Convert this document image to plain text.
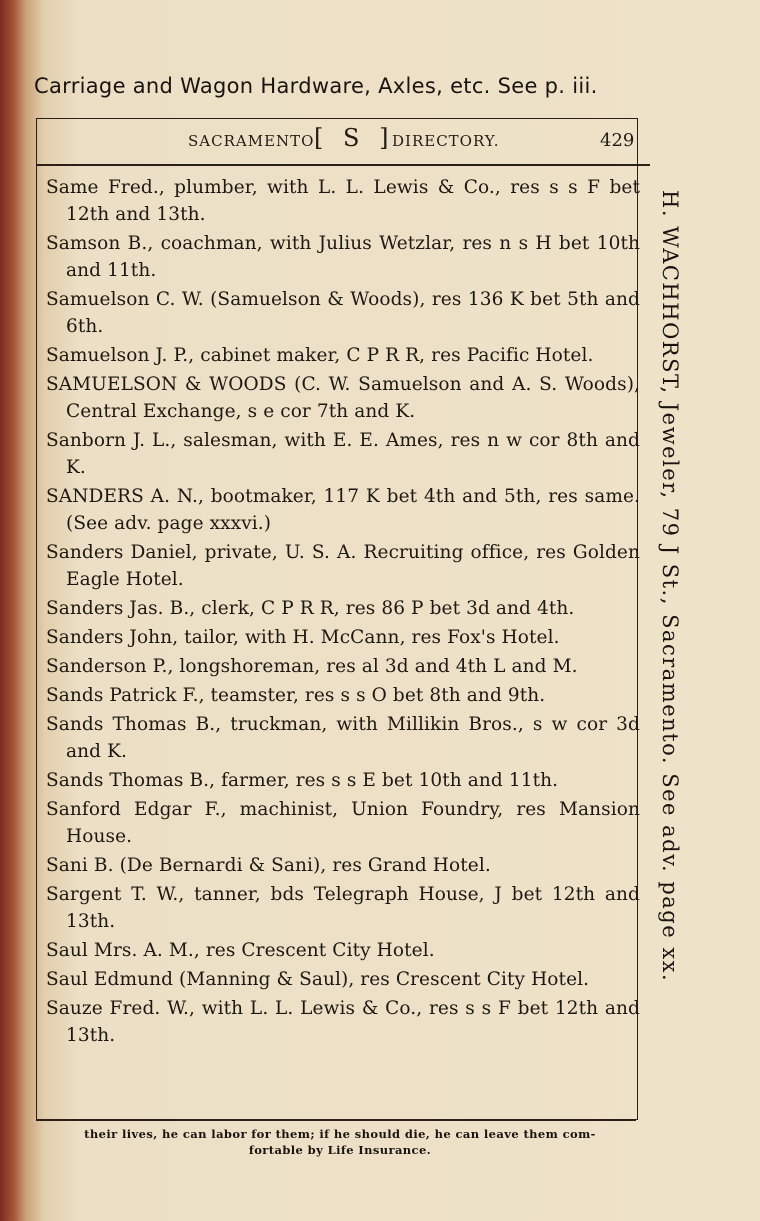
Carriage and Wagon Hardware, Axles, etc. See p. iii.
SACRAMENTO [ S ]
DIRECTORY.	429
Same Fred., plumber, with L. L. Lewis & Co., res s s F bet 12th and 13th.
Samson B., coachman, with Julius Wetzlar, res n s H bet 10th and 11th.
Samuelson C. W. (Samuelson & Woods), res 136 K bet 5th and 6th.
Samuelson J. P., cabinet maker, C P R R, res Pacific Hotel.
SAMUELSON & WOODS (C. W. Samuelson and A. S. Woods), Central Exchange, s e cor 7th and K.
Sanborn J. L., salesman, with E. E. Ames, res n w cor 8th and K.
SANDERS A. N., bootmaker, 117 K bet 4th and 5th, res same. (See adv. page xxxvi.)
Sanders Daniel, private, U. S. A. Recruiting office, res Golden Eagle Hotel.
Sanders Jas. B., clerk, C P R R, res 86 P bet 3d and 4th.
Sanders John, tailor, with H. McCann, res Fox's Hotel.
Sanderson P., longshoreman, res al 3d and 4th L and M.
Sands Patrick F., teamster, res s s O bet 8th and 9th.
Sands Thomas B., truckman, with Millikin Bros., s w cor 3d and K.
Sands Thomas B., farmer, res s s E bet 10th and 11th.
Sanford Edgar F., machinist, Union Foundry, res Mansion House.
Sani B. (De Bernardi & Sani), res Grand Hotel.
Sargent T. W., tanner, bds Telegraph House, J bet 12th and 13th.
Saul Mrs. A. M., res Crescent City Hotel.
Saul Edmund (Manning & Saul), res Crescent City Hotel.
Sauze Fred. W., with L. L. Lewis & Co., res s s F bet 12th and 13th.
H. WACHHORST, Jeweler, 79 J St., Sacramento. See adv. page xx.
their lives, he can labor for them; if he should die, he can leave them com-
fortable by Life Insurance.
